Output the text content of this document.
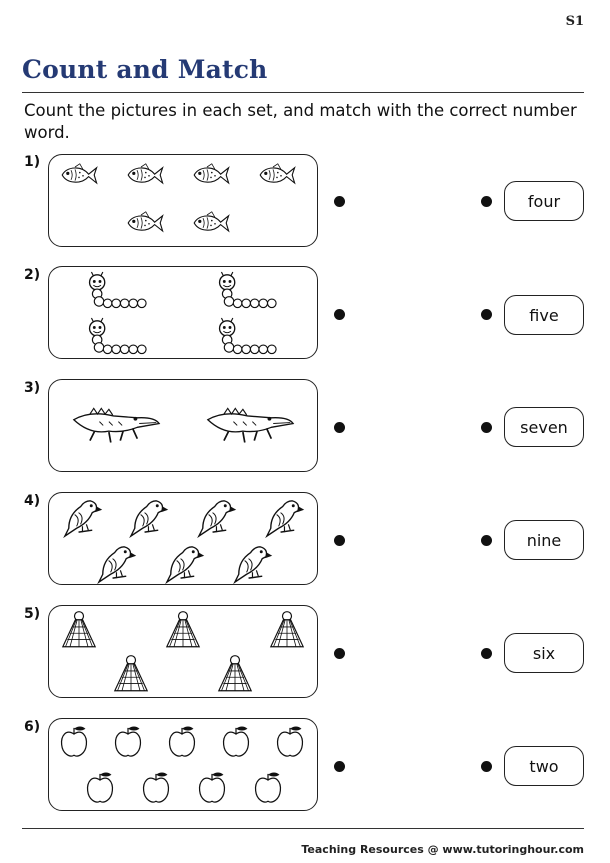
S1
Count and Match
Count the pictures in each set, and match with the correct number word.
1)
four
2)
five
3)
seven
4)
nine
5)
six
6)
two
Teaching Resources @ www.tutoringhour.com
